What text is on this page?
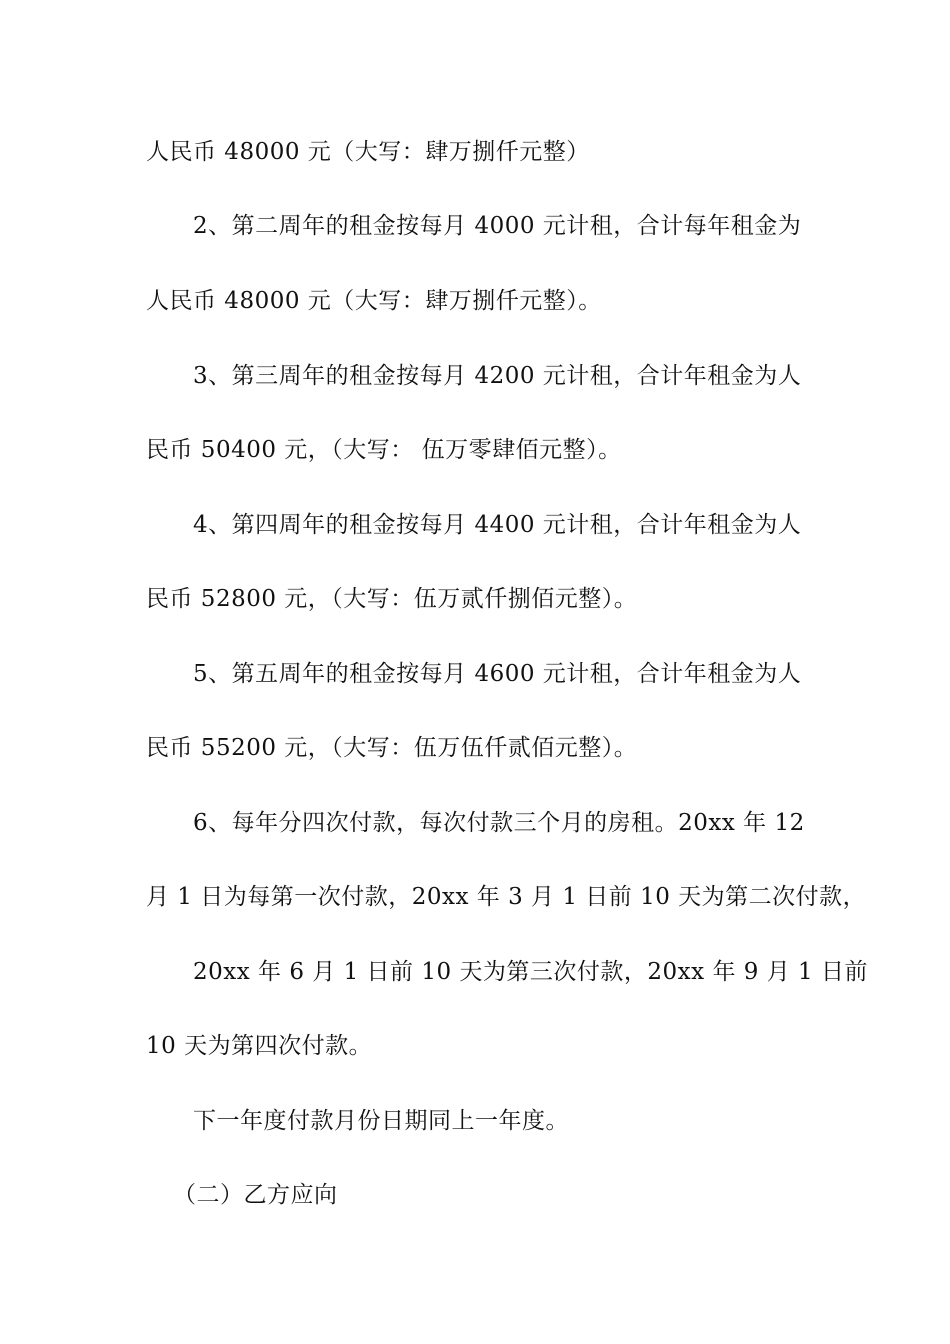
人民币 48000 元（大写：肆万捌仟元整）
2、第二周年的租金按每月 4000 元计租，合计每年租金为
人民币 48000 元（大写：肆万捌仟元整）。
3、第三周年的租金按每月 4200 元计租，合计年租金为人
民币 50400 元，（大写： 伍万零肆佰元整）。
4、第四周年的租金按每月 4400 元计租，合计年租金为人
民币 52800 元，（大写：伍万贰仟捌佰元整）。
5、第五周年的租金按每月 4600 元计租，合计年租金为人
民币 55200 元，（大写：伍万伍仟贰佰元整）。
6、每年分四次付款，每次付款三个月的房租。20xx 年 12
月 1 日为每第一次付款，20xx 年 3 月 1 日前 10 天为第二次付款，
20xx 年 6 月 1 日前 10 天为第三次付款，20xx 年 9 月 1 日前
10 天为第四次付款。
下一年度付款月份日期同上一年度。
（二）乙方应向
